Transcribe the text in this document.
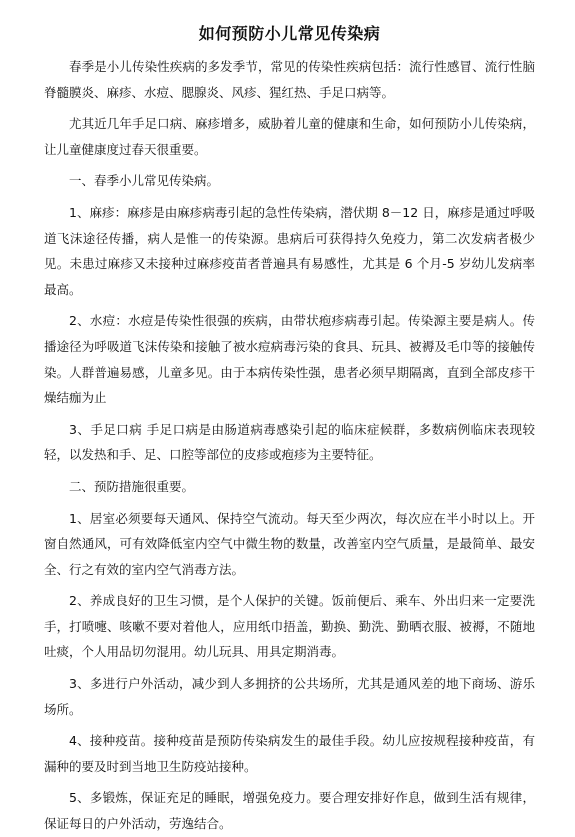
如何预防小儿常见传染病

春季是小儿传染性疾病的多发季节，常见的传染性疾病包括：流行性感冒、流行性脑脊髓膜炎、麻疹、水痘、腮腺炎、风疹、猩红热、手足口病等。

尤其近几年手足口病、麻疹增多，威胁着儿童的健康和生命，如何预防小儿传染病，让儿童健康度过春天很重要。

一、春季小儿常见传染病。

1、麻疹：麻疹是由麻疹病毒引起的急性传染病，潜伏期 8－12 日，麻疹是通过呼吸道飞沫途径传播，病人是惟一的传染源。患病后可获得持久免疫力，第二次发病者极少见。未患过麻疹又未接种过麻疹疫苗者普遍具有易感性，尤其是 6 个月-5 岁幼儿发病率最高。

2、水痘：水痘是传染性很强的疾病，由带状疱疹病毒引起。传染源主要是病人。传播途径为呼吸道飞沫传染和接触了被水痘病毒污染的食具、玩具、被褥及毛巾等的接触传染。人群普遍易感，儿童多见。由于本病传染性强，患者必须早期隔离，直到全部皮疹干燥结痂为止

3、手足口病 手足口病是由肠道病毒感染引起的临床症候群，多数病例临床表现较轻，以发热和手、足、口腔等部位的皮疹或疱疹为主要特征。

二、预防措施很重要。

1、居室必须要每天通风、保持空气流动。每天至少两次，每次应在半小时以上。开窗自然通风，可有效降低室内空气中微生物的数量，改善室内空气质量，是最简单、最安全、行之有效的室内空气消毒方法。

2、养成良好的卫生习惯，是个人保护的关键。饭前便后、乘车、外出归来一定要洗手，打喷嚏、咳嗽不要对着他人，应用纸巾捂盖，勤换、勤洗、勤晒衣服、被褥，不随地吐痰，个人用品切勿混用。幼儿玩具、用具定期消毒。

3、多进行户外活动，减少到人多拥挤的公共场所，尤其是通风差的地下商场、游乐场所。

4、接种疫苗。接种疫苗是预防传染病发生的最佳手段。幼儿应按规程接种疫苗，有漏种的要及时到当地卫生防疫站接种。

5、多锻炼，保证充足的睡眠，增强免疫力。要合理安排好作息，做到生活有规律，保证每日的户外活动，劳逸结合。
